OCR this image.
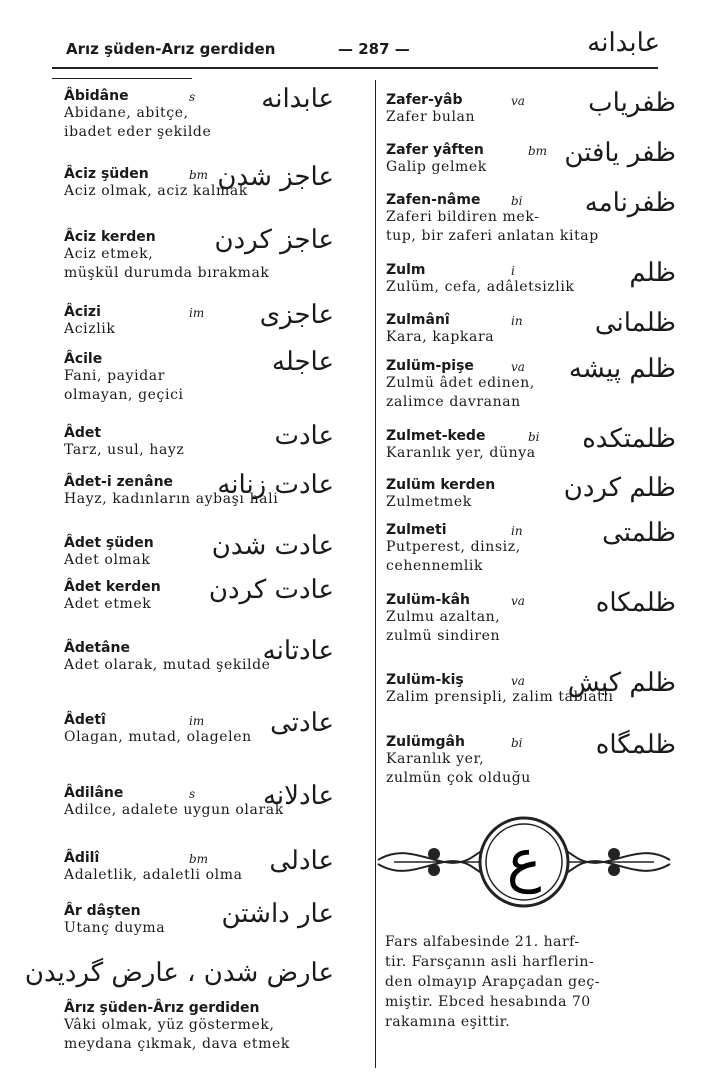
Arız şüden-Arız gerdiden	— 287 —	عابدانه
Âbidâne	s
Abidane, abitçe,
ibadet eder şekilde
عابدانه
Âciz şüden	bm
Aciz olmak, aciz kalmak
عاجز شدن
Âciz kerden
Aciz etmek,
müşkül durumda bırakmak
عاجز كردن
Âcizi	im
Acizlik	عاجزى
Âcile
Fani, payidar
olmayan, geçici
عاجله
Âdet
Tarz, usul, hayz	عادت
Âdet-i zenâne
Hayz, kadınların aybaşı hali
عادت زنانه
Âdet şüden
Adet olmak	عادت شدن
Âdet kerden
Adet etmek	عادت كردن
Âdetâne
Adet olarak, mutad şekilde
عادتانه
Âdetî	im
Olagan, mutad, olagelen عادتى
Âdilâne	s
Adilce, adalete uygun olarak
عادلانه
Âdilî	bm
Adaletlik, adaletli olma	عادلى
Âr dâşten
Utanç duyma	عار داشتن
عارض شدن ، عارض گرديدن
Ârız şüden-Ârız gerdiden
Vâki olmak, yüz göstermek,
meydana çıkmak, dava etmek
Zafer-yâb	va
Zafer bulan	ظفرياب
Zafer yâften	bm
Galip gelmek	ظفر يافتن
Zafen-nâme	bi
Zaferi bildiren mek-
tup, bir zaferi anlatan kitap
ظفرنامه
Zulm	i
Zulüm, cefa, adâletsizlik	ظلم
Zulmânî	in
Kara, kapkara	ظلمانى
Zulüm-pişe	va
Zulmü âdet edinen,
zalimce davranan
ظلم پيشه
Zulmet-kede	bi
Karanlık yer, dünya	ظلمتكده
Zulüm kerden
Zulmetmek	ظلم كردن
Zulmeti	in
Putperest, dinsiz,
cehennemlik
ظلمتى
Zulüm-kâh	va
Zulmu azaltan,
zulmü sindiren
ظلمكاه
Zulüm-kiş	va
Zalim prensipli, zalim tabiatlı
ظلم كيش
Zulümgâh	bi
Karanlık yer,
zulmün çok olduğu
ظلمگاه
ع
Fars alfabesinde 21. harf-
tir. Farsçanın asli harflerin-
den olmayıp Arapçadan geç-
miştir. Ebced hesabında 70
rakamına eşittir.
